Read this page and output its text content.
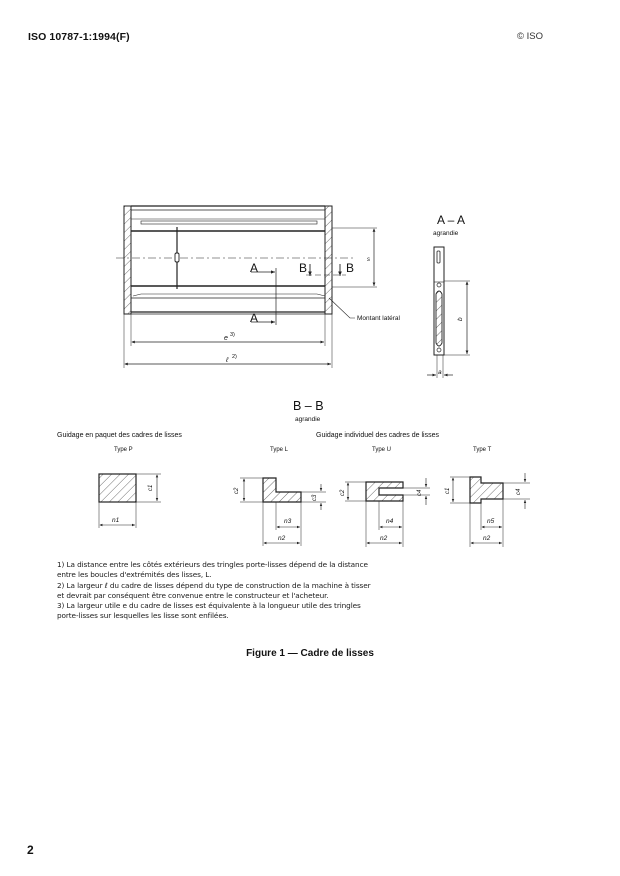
ISO 10787-1:1994(F)	© ISO
A
A
B	B
s
e 3)
ℓ 2)
Montant latéral
A – A
agrandie
b
a
B – B
agrandie
Guidage en paquet des cadres de lisses	Guidage individuel des cadres de lisses
Type P	Type L	Type U	Type T
c1
n1
c2
c3
n3
n2
c2	c4
n4
n2
c1	c4
n5
n2

1) La distance entre les côtés extérieurs des tringles porte-lisses dépend de la distance entre les boucles d'extrémités des lisses, L.

2) La largeur ℓ du cadre de lisses dépend du type de construction de la machine à tisser et devrait par conséquent être convenue entre le constructeur et l'acheteur.

3) La largeur utile e du cadre de lisses est équivalente à la longueur utile des tringles porte-lisses sur lesquelles les lisse sont enfilées.

Figure 1 — Cadre de lisses
2
